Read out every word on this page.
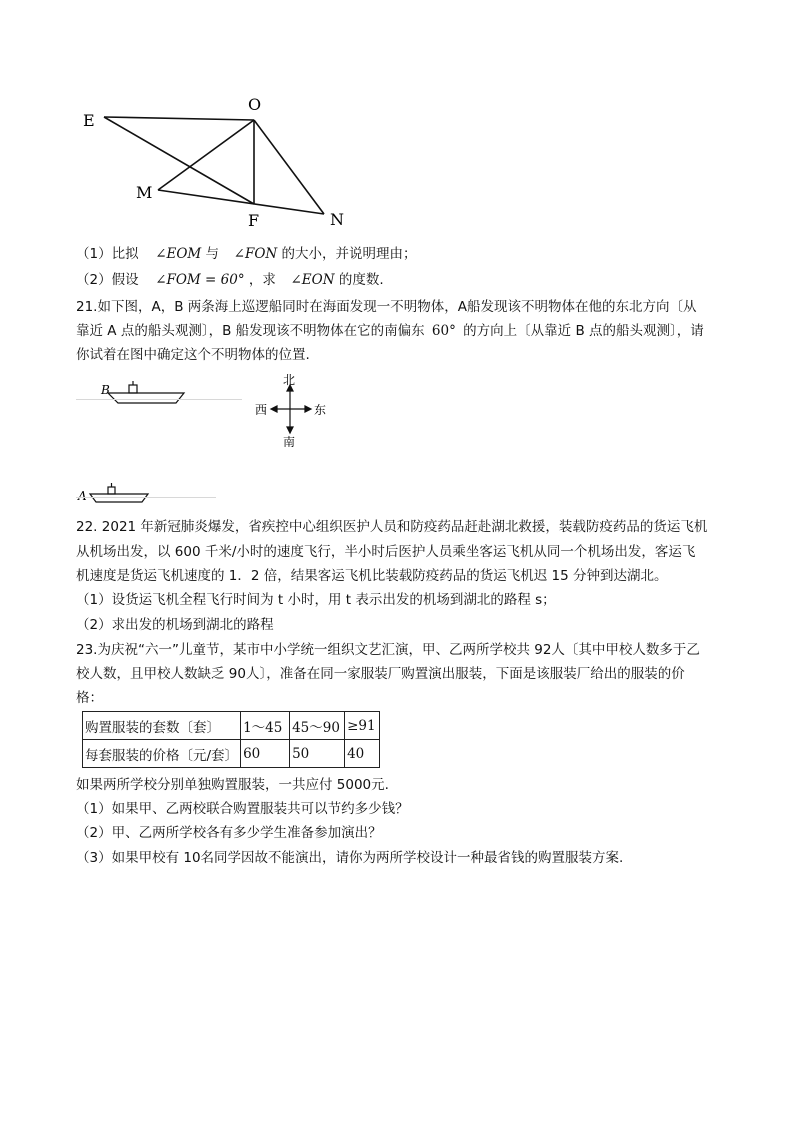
E
O
M
F	N
（1）比拟 ∠EOM 与 ∠FON 的大小，并说明理由；
（2）假设 ∠FOM = 60° ，求 ∠EON 的度数.
21.如下图，A，B 两条海上巡逻船同时在海面发现一不明物体，A船发现该不明物体在他的东北方向〔从
靠近 A 点的船头观测〕，B 船发现该不明物体在它的南偏东 60° 的方向上〔从靠近 B 点的船头观测〕，请
你试着在图中确定这个不明物体的位置.
B
北
南
西	东
A
22. 2021 年新冠肺炎爆发，省疾控中心组织医护人员和防疫药品赶赴湖北救援，装载防疫药品的货运飞机
从机场出发，以 600 千米/小时的速度飞行，半小时后医护人员乘坐客运飞机从同一个机场出发，客运飞
机速度是货运飞机速度的 1．2 倍，结果客运飞机比装载防疫药品的货运飞机迟 15 分钟到达湖北。
（1）设货运飞机全程飞行时间为 t 小时，用 t 表示出发的机场到湖北的路程 s；
（2）求出发的机场到湖北的路程
23.为庆祝“六一”儿童节，某市中小学统一组织文艺汇演，甲、乙两所学校共 92人〔其中甲校人数多于乙
校人数，且甲校人数缺乏 90人〕，准备在同一家服装厂购置演出服装，下面是该服装厂给出的服装的价
格：
购置服装的套数〔套〕	1～45	45～90	≥91
每套服装的价格〔元/套〕	60	50	40
如果两所学校分别单独购置服装，一共应付 5000元.
（1）如果甲、乙两校联合购置服装共可以节约多少钱？
（2）甲、乙两所学校各有多少学生准备参加演出？
（3）如果甲校有 10名同学因故不能演出，请你为两所学校设计一种最省钱的购置服装方案.
